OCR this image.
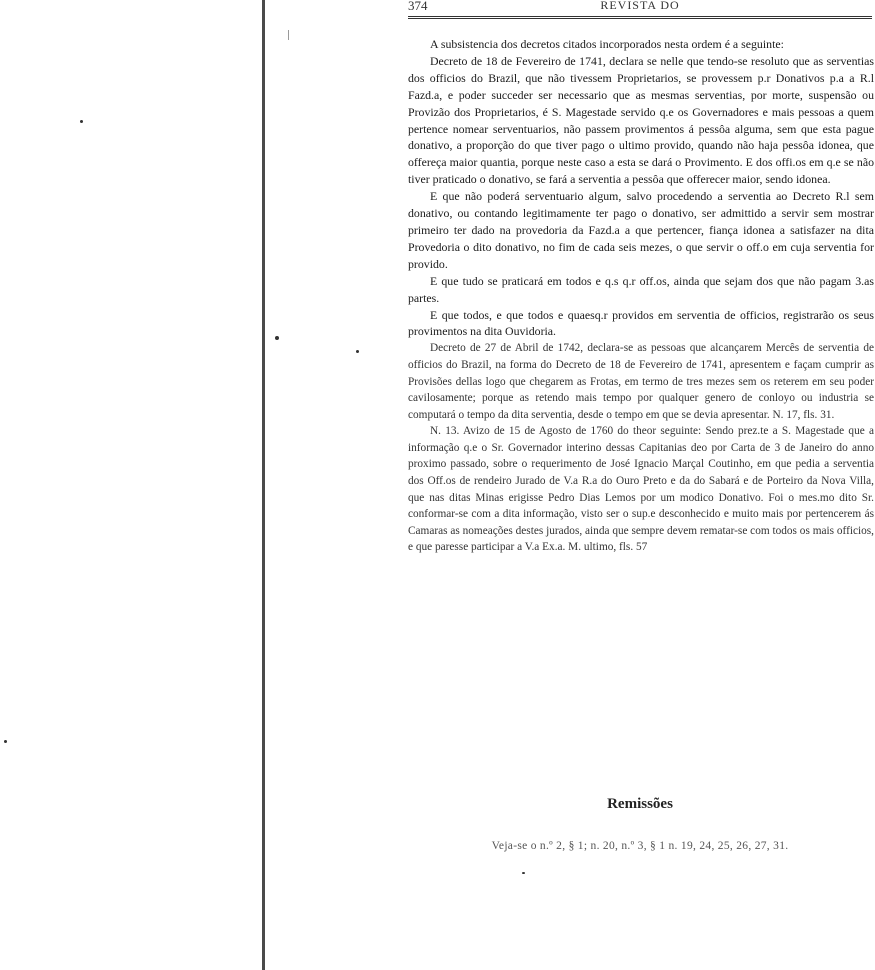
374	REVISTA DO

A subsistencia dos decretos citados incorporados nesta ordem é a seguinte:

Decreto de 18 de Fevereiro de 1741, declara se nelle que tendo-se resoluto que as serventias dos officios do Brazil, que não tivessem Proprietarios, se provessem p.r Donativos p.a a R.l Fazd.a, e poder succeder ser necessario que as mesmas serventias, por morte, suspensão ou Provizão dos Proprietarios, é S. Magestade servido q.e os Governadores e mais pessoas a quem pertence nomear serventuarios, não passem provimentos á pessôa alguma, sem que esta pague donativo, a proporção do que tiver pago o ultimo provido, quando não haja pessôa idonea, que offereça maior quantia, porque neste caso a esta se dará o Provimento. E dos offi.os em q.e se não tiver praticado o donativo, se fará a serventia a pessôa que offerecer maior, sendo idonea.

E que não poderá serventuario algum, salvo procedendo a serventia ao Decreto R.l sem donativo, ou contando legitimamente ter pago o donativo, ser admittido a servir sem mostrar primeiro ter dado na provedoria da Fazd.a a que pertencer, fiança idonea a satisfazer na dita Provedoria o dito donativo, no fim de cada seis mezes, o que servir o off.o em cuja serventia for provido.

E que tudo se praticará em todos e q.s q.r off.os, ainda que sejam dos que não pagam 3.as partes.

E que todos, e que todos e quaesq.r providos em serventia de officios, registrarão os seus provimentos na dita Ouvidoria.

Decreto de 27 de Abril de 1742, declara-se as pessoas que alcançarem Mercês de serventia de officios do Brazil, na forma do Decreto de 18 de Fevereiro de 1741, apresentem e façam cumprir as Provisões dellas logo que chegarem as Frotas, em termo de tres mezes sem os reterem em seu poder cavilosamente; porque as retendo mais tempo por qualquer genero de conloyo ou industria se computará o tempo da dita serventia, desde o tempo em que se devia apresentar. N. 17, fls. 31.

N. 13. Avizo de 15 de Agosto de 1760 do theor seguinte: Sendo prez.te a S. Magestade que a informação q.e o Sr. Governador interino dessas Capitanias deo por Carta de 3 de Janeiro do anno proximo passado, sobre o requerimento de José Ignacio Marçal Coutinho, em que pedia a serventia dos Off.os de rendeiro Jurado de V.a R.a do Ouro Preto e da do Sabará e de Porteiro da Nova Villa, que nas ditas Minas erigisse Pedro Dias Lemos por um modico Donativo. Foi o mes.mo dito Sr. conformar-se com a dita informação, visto ser o sup.e desconhecido e muito mais por pertencerem ás Camaras as nomeações destes jurados, ainda que sempre devem rematar-se com todos os mais officios, e que paresse participar a V.a Ex.a. M. ultimo, fls. 57

Remissões
Veja-se o n.º 2, § 1; n. 20, n.º 3, § 1 n. 19, 24, 25, 26, 27, 31.
